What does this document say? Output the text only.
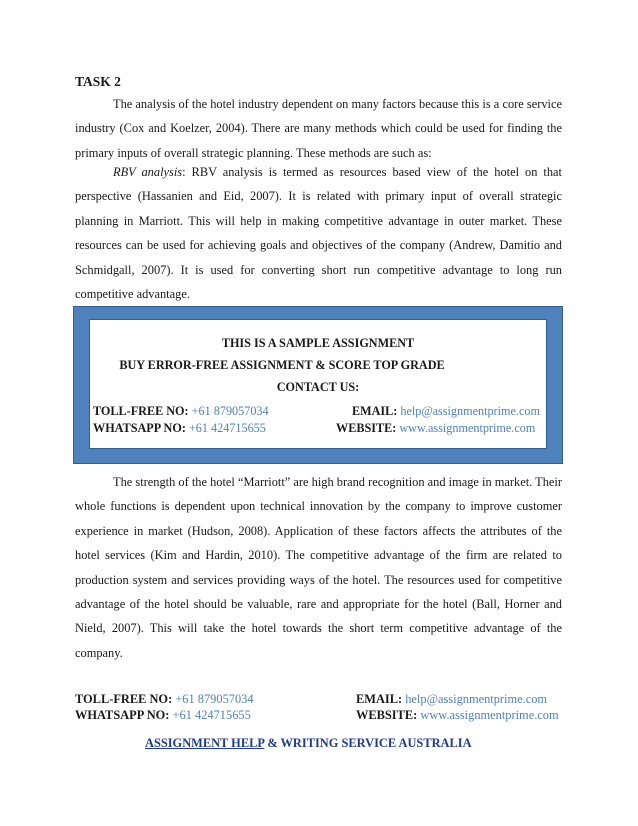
TASK 2

The analysis of the hotel industry dependent on many factors because this is a core service industry (Cox and Koelzer, 2004). There are many methods which could be used for finding the primary inputs of overall strategic planning. These methods are such as:

RBV analysis: RBV analysis is termed as resources based view of the hotel on that perspective (Hassanien and Eid, 2007). It is related with primary input of overall strategic planning in Marriott. This will help in making competitive advantage in outer market. These resources can be used for achieving goals and objectives of the company (Andrew, Damitio and Schmidgall, 2007). It is used for converting short run competitive advantage to long run competitive advantage.

THIS IS A SAMPLE ASSIGNMENT
BUY ERROR-FREE ASSIGNMENT & SCORE TOP GRADE
CONTACT US:
TOLL-FREE NO: +61 879057034	EMAIL: help@assignmentprime.com
WHATSAPP NO: +61 424715655	WEBSITE: www.assignmentprime.com

The strength of the hotel “Marriott” are high brand recognition and image in market. Their whole functions is dependent upon technical innovation by the company to improve customer experience in market (Hudson, 2008). Application of these factors affects the attributes of the hotel services (Kim and Hardin, 2010). The competitive advantage of the firm are related to production system and services providing ways of the hotel. The resources used for competitive advantage of the hotel should be valuable, rare and appropriate for the hotel (Ball, Horner and Nield, 2007). This will take the hotel towards the short term competitive advantage of the company.

TOLL-FREE NO: +61 879057034	EMAIL: help@assignmentprime.com
WHATSAPP NO: +61 424715655	WEBSITE: www.assignmentprime.com
ASSIGNMENT HELP & WRITING SERVICE AUSTRALIA
